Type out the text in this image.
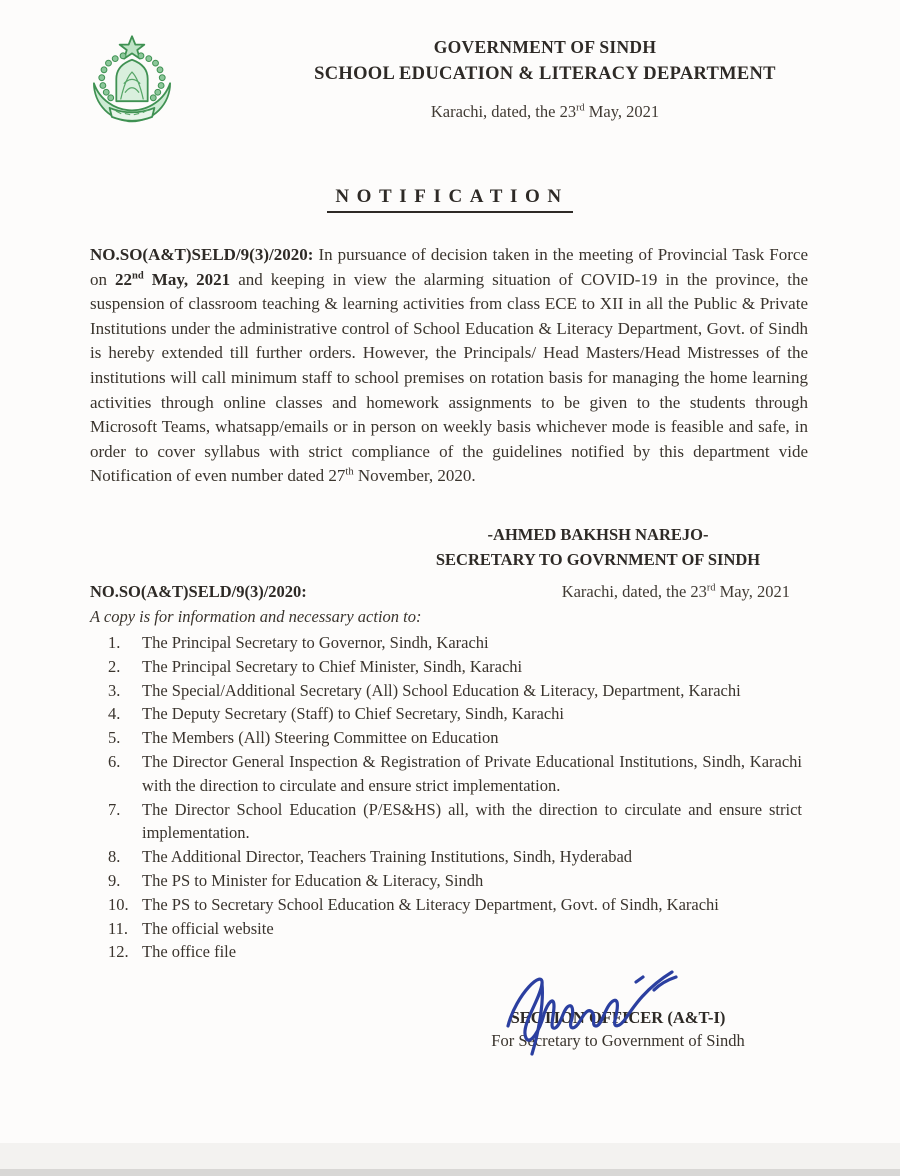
GOVERNMENT OF SINDH
SCHOOL EDUCATION & LITERACY DEPARTMENT
Karachi, dated, the 23rd May, 2021
NOTIFICATION

NO.SO(A&T)SELD/9(3)/2020: In pursuance of decision taken in the meeting of Provincial Task Force on 22nd May, 2021 and keeping in view the alarming situation of COVID-19 in the province, the suspension of classroom teaching & learning activities from class ECE to XII in all the Public & Private Institutions under the administrative control of School Education & Literacy Department, Govt. of Sindh is hereby extended till further orders. However, the Principals/ Head Masters/Head Mistresses of the institutions will call minimum staff to school premises on rotation basis for managing the home learning activities through online classes and homework assignments to be given to the students through Microsoft Teams, whatsapp/emails or in person on weekly basis whichever mode is feasible and safe, in order to cover syllabus with strict compliance of the guidelines notified by this department vide Notification of even number dated 27th November, 2020.

-AHMED BAKHSH NAREJO-
SECRETARY TO GOVRNMENT OF SINDH
NO.SO(A&T)SELD/9(3)/2020:	Karachi, dated, the 23rd May, 2021
A copy is for information and necessary action to:
1.	The Principal Secretary to Governor, Sindh, Karachi
2.	The Principal Secretary to Chief Minister, Sindh, Karachi
3.	The Special/Additional Secretary (All) School Education & Literacy, Department, Karachi
4.	The Deputy Secretary (Staff) to Chief Secretary, Sindh, Karachi
5.	The Members (All) Steering Committee on Education
6.	The Director General Inspection & Registration of Private Educational Institutions, Sindh, Karachi with the direction to circulate and ensure strict implementation.
7.	The Director School Education (P/ES&HS) all, with the direction to circulate and ensure strict implementation.
8.	The Additional Director, Teachers Training Institutions, Sindh, Hyderabad
9.	The PS to Minister for Education & Literacy, Sindh
10. The PS to Secretary School Education & Literacy Department, Govt. of Sindh, Karachi
11. The official website
12. The office file
SECTION OFFICER (A&T-I)
For Secretary to Government of Sindh
